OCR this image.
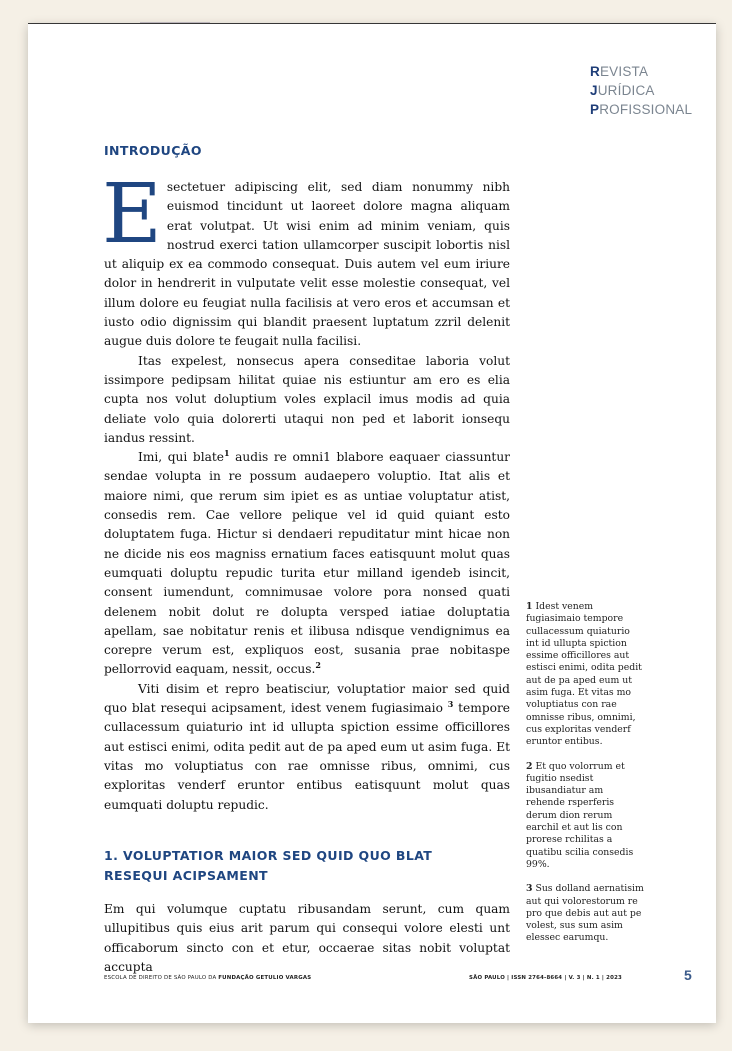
REVISTA
JURÍDICA
PROFISSIONAL
INTRODUÇÃO

Esectetuer adipiscing elit, sed diam nonummy nibh euismod tincidunt ut laoreet dolore magna aliquam erat volutpat. Ut wisi enim ad minim veniam, quis nostrud exerci tation ullamcorper suscipit lobortis nisl ut aliquip ex ea commodo consequat. Duis autem vel eum iriure dolor in hendrerit in vulputate velit esse molestie consequat, vel illum dolore eu feugiat nulla facilisis at vero eros et accumsan et iusto odio dignissim qui blandit praesent luptatum zzril delenit augue duis dolore te feugait nulla facilisi.

Itas expelest, nonsecus apera conseditae laboria volut issimpore pedipsam hilitat quiae nis estiuntur am ero es elia cupta nos volut doluptium voles explacil imus modis ad quia deliate volo quia dolorerti utaqui non ped et laborit ionsequ iandus ressint.

Imi, qui blate$^1$ audis re omni1 blabore eaquaer ciassuntur sendae volupta in re possum audaepero voluptio. Itat alis et maiore nimi, que rerum sim ipiet es as untiae voluptatur atist, consedis rem. Cae vellore pelique vel id quid quiant esto doluptatem fuga. Hictur si dendaeri repuditatur mint hicae non ne dicide nis eos magniss ernatium faces eatisquunt molut quas eumquati doluptu repudic turita etur milland igendeb isincit, consent iumendunt, comnimusae volore pora nonsed quati delenem nobit dolut re dolupta versped iatiae doluptatia apellam, sae nobitatur renis et ilibusa ndisque vendignimus ea corepre verum est, expliquos eost, susania prae nobitaspe pellorrovid eaquam, nessit, occus.$^2$

Viti disim et repro beatisciur, voluptatior maior sed quid quo blat resequi acipsament, idest venem fugiasimaio $^3$ tempore cullacessum quiaturio int id ullupta spiction essime officillores aut estisci enimi, odita pedit aut de pa aped eum ut asim fuga. Et vitas mo voluptiatus con rae omnisse ribus, omnimi, cus exploritas venderf eruntor entibus eatisquunt molut quas eumquati doluptu repudic.

1. VOLUPTATIOR MAIOR SED QUID QUO BLAT RESEQUI ACIPSAMENT

Em qui volumque cuptatu ribusandam serunt, cum quam ullupitibus quis eius arit parum qui consequi volore elesti unt officaborum sincto con et etur, occaerae sitas nobit voluptat accupta

1 Idest venem fugiasimaio tempore cullacessum quiaturio int id ullupta spiction essime officillores aut estisci enimi, odita pedit aut de pa aped eum ut asim fuga. Et vitas mo voluptiatus con rae omnisse ribus, omnimi, cus exploritas venderf eruntor entibus.

2 Et quo volorrum et fugitio nsedist ibusandiatur am rehende rsperferis derum dion rerum earchil et aut lis con prorese rchilitas a quatibu scilia consedis 99%.

3 Sus dolland aernatisim aut qui volorestorum re pro que debis aut aut pe volest, sus sum asim elessec earumqu.

ESCOLA DE DIREITO DE SÃO PAULO DA FUNDAÇÃO GETULIO VARGAS	SÃO PAULO | ISSN 2764-8664 | V. 3 | N. 1 | 2023	5
